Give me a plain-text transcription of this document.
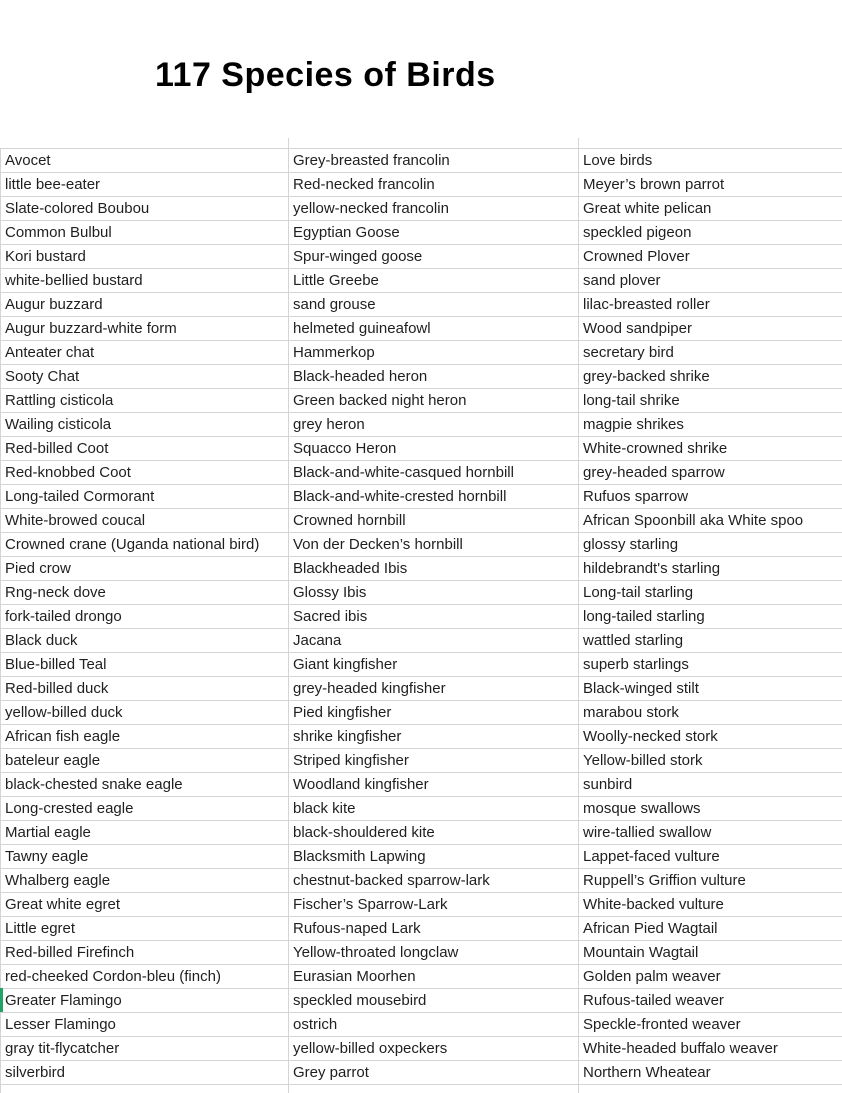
117 Species of Birds
Avocet	Grey-breasted francolin	Love birds
little bee-eater	Red-necked francolin	Meyer’s brown parrot
Slate-colored Boubou	yellow-necked francolin	Great white pelican
Common Bulbul	Egyptian Goose	speckled pigeon
Kori bustard	Spur-winged goose	Crowned Plover
white-bellied bustard	Little Greebe	sand plover
Augur buzzard	sand grouse	lilac-breasted roller
Augur buzzard-white form	helmeted guineafowl	Wood sandpiper
Anteater chat	Hammerkop	secretary bird
Sooty Chat	Black-headed heron	grey-backed shrike
Rattling cisticola	Green backed night heron	long-tail shrike
Wailing cisticola	grey heron	magpie shrikes
Red-billed Coot	Squacco Heron	White-crowned shrike
Red-knobbed Coot	Black-and-white-casqued hornbill	grey-headed sparrow
Long-tailed Cormorant	Black-and-white-crested hornbill	Rufuos sparrow
White-browed coucal	Crowned hornbill	African Spoonbill aka White spoo
Crowned crane (Uganda national bird)	Von der Decken’s hornbill	glossy starling
Pied crow	Blackheaded Ibis	hildebrandt's starling
Rng-neck dove	Glossy Ibis	Long-tail starling
fork-tailed drongo	Sacred ibis	long-tailed starling
Black duck	Jacana	wattled starling
Blue-billed Teal	Giant kingfisher	superb starlings
Red-billed duck	grey-headed kingfisher	Black-winged stilt
yellow-billed duck	Pied kingfisher	marabou stork
African fish eagle	shrike kingfisher	Woolly-necked stork
bateleur eagle	Striped kingfisher	Yellow-billed stork
black-chested snake eagle	Woodland kingfisher	sunbird
Long-crested eagle	black kite	mosque swallows
Martial eagle	black-shouldered kite	wire-tallied swallow
Tawny eagle	Blacksmith Lapwing	Lappet-faced vulture
Whalberg eagle	chestnut-backed sparrow-lark	Ruppell’s Griffion vulture
Great white egret	Fischer’s Sparrow-Lark	White-backed vulture
Little egret	Rufous-naped Lark	African Pied Wagtail
Red-billed Firefinch	Yellow-throated longclaw	Mountain Wagtail
red-cheeked Cordon-bleu (finch)	Eurasian Moorhen	Golden palm weaver
Greater Flamingo	speckled mousebird	Rufous-tailed weaver
Lesser Flamingo	ostrich	Speckle-fronted weaver
gray tit-flycatcher	yellow-billed oxpeckers	White-headed buffalo weaver
silverbird	Grey parrot	Northern Wheatear
